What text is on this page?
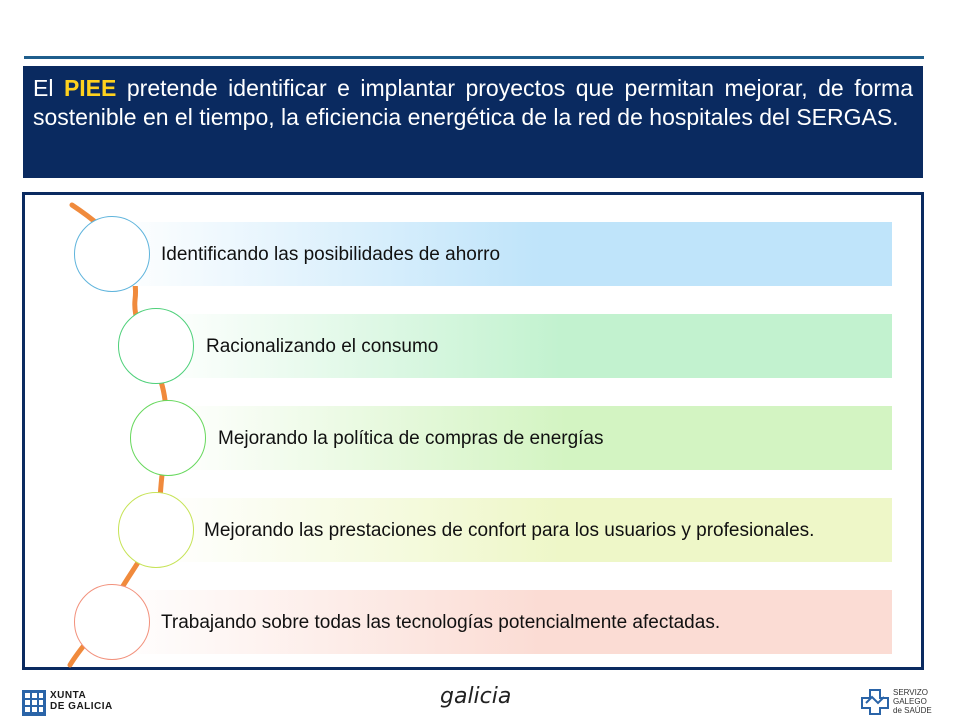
El PIEE pretende identificar e implantar proyectos que permitan mejorar, de forma sostenible en el tiempo, la eficiencia energética de la red de hospitales del SERGAS.
Identificando las posibilidades de ahorro
Racionalizando el consumo
Mejorando la política de compras de energías
Mejorando las prestaciones de confort para los usuarios y profesionales.
Trabajando sobre todas las tecnologías potencialmente afectadas.
XUNTA
DE GALICIA	galicia	SERVIZO
GALEGO
de SAÚDE
